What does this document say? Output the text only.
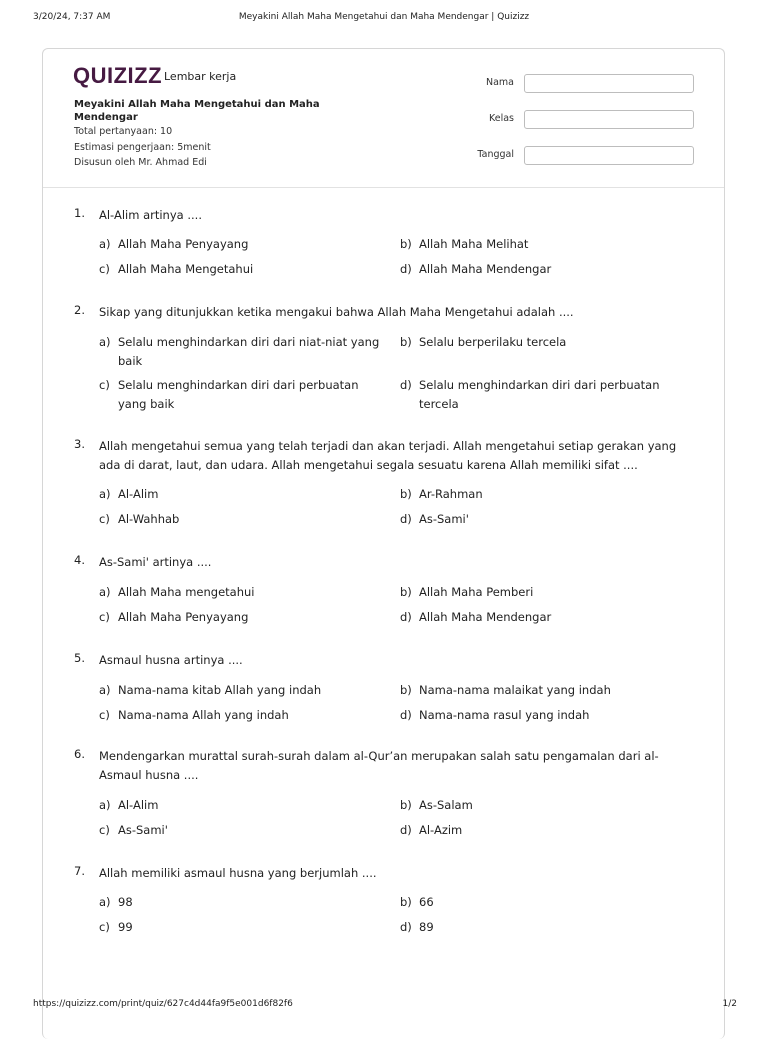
3/20/24, 7:37 AM	Meyakini Allah Maha Mengetahui dan Maha Mendengar | Quizizz
QUIZIZZ Lembar kerja
Meyakini Allah Maha Mengetahui dan Maha Mendengar
Total pertanyaan: 10
Estimasi pengerjaan: 5menit
Disusun oleh Mr. Ahmad Edi
Nama
Kelas
Tanggal
1. Al-Alim artinya ....
a) Allah Maha Penyayang	b) Allah Maha Melihat
c) Allah Maha Mengetahui	d) Allah Maha Mendengar
2. Sikap yang ditunjukkan ketika mengakui bahwa Allah Maha Mengetahui adalah ....
a) Selalu menghindarkan diri dari niat-niat yang baik
b) Selalu berperilaku tercela
c) Selalu menghindarkan diri dari perbuatan yang baik
d) Selalu menghindarkan diri dari perbuatan tercela
3. Allah mengetahui semua yang telah terjadi dan akan terjadi. Allah mengetahui setiap gerakan yang ada di darat, laut, dan udara. Allah mengetahui segala sesuatu karena Allah memiliki sifat ....
a) Al-Alim	b) Ar-Rahman
c) Al-Wahhab	d) As-Sami'
4. As-Sami' artinya ....
a) Allah Maha mengetahui	b) Allah Maha Pemberi
c) Allah Maha Penyayang	d) Allah Maha Mendengar
5. Asmaul husna artinya ....
a) Nama-nama kitab Allah yang indah	b) Nama-nama malaikat yang indah
c) Nama-nama Allah yang indah	d) Nama-nama rasul yang indah
6. Mendengarkan murattal surah-surah dalam al-Qur’an merupakan salah satu pengamalan dari al-Asmaul husna ....
a) Al-Alim	b) As-Salam
c) As-Sami'	d) Al-Azim
7. Allah memiliki asmaul husna yang berjumlah ....
a) 98	b) 66
c) 99	d) 89
https://quizizz.com/print/quiz/627c4d44fa9f5e001d6f82f6	1/2
